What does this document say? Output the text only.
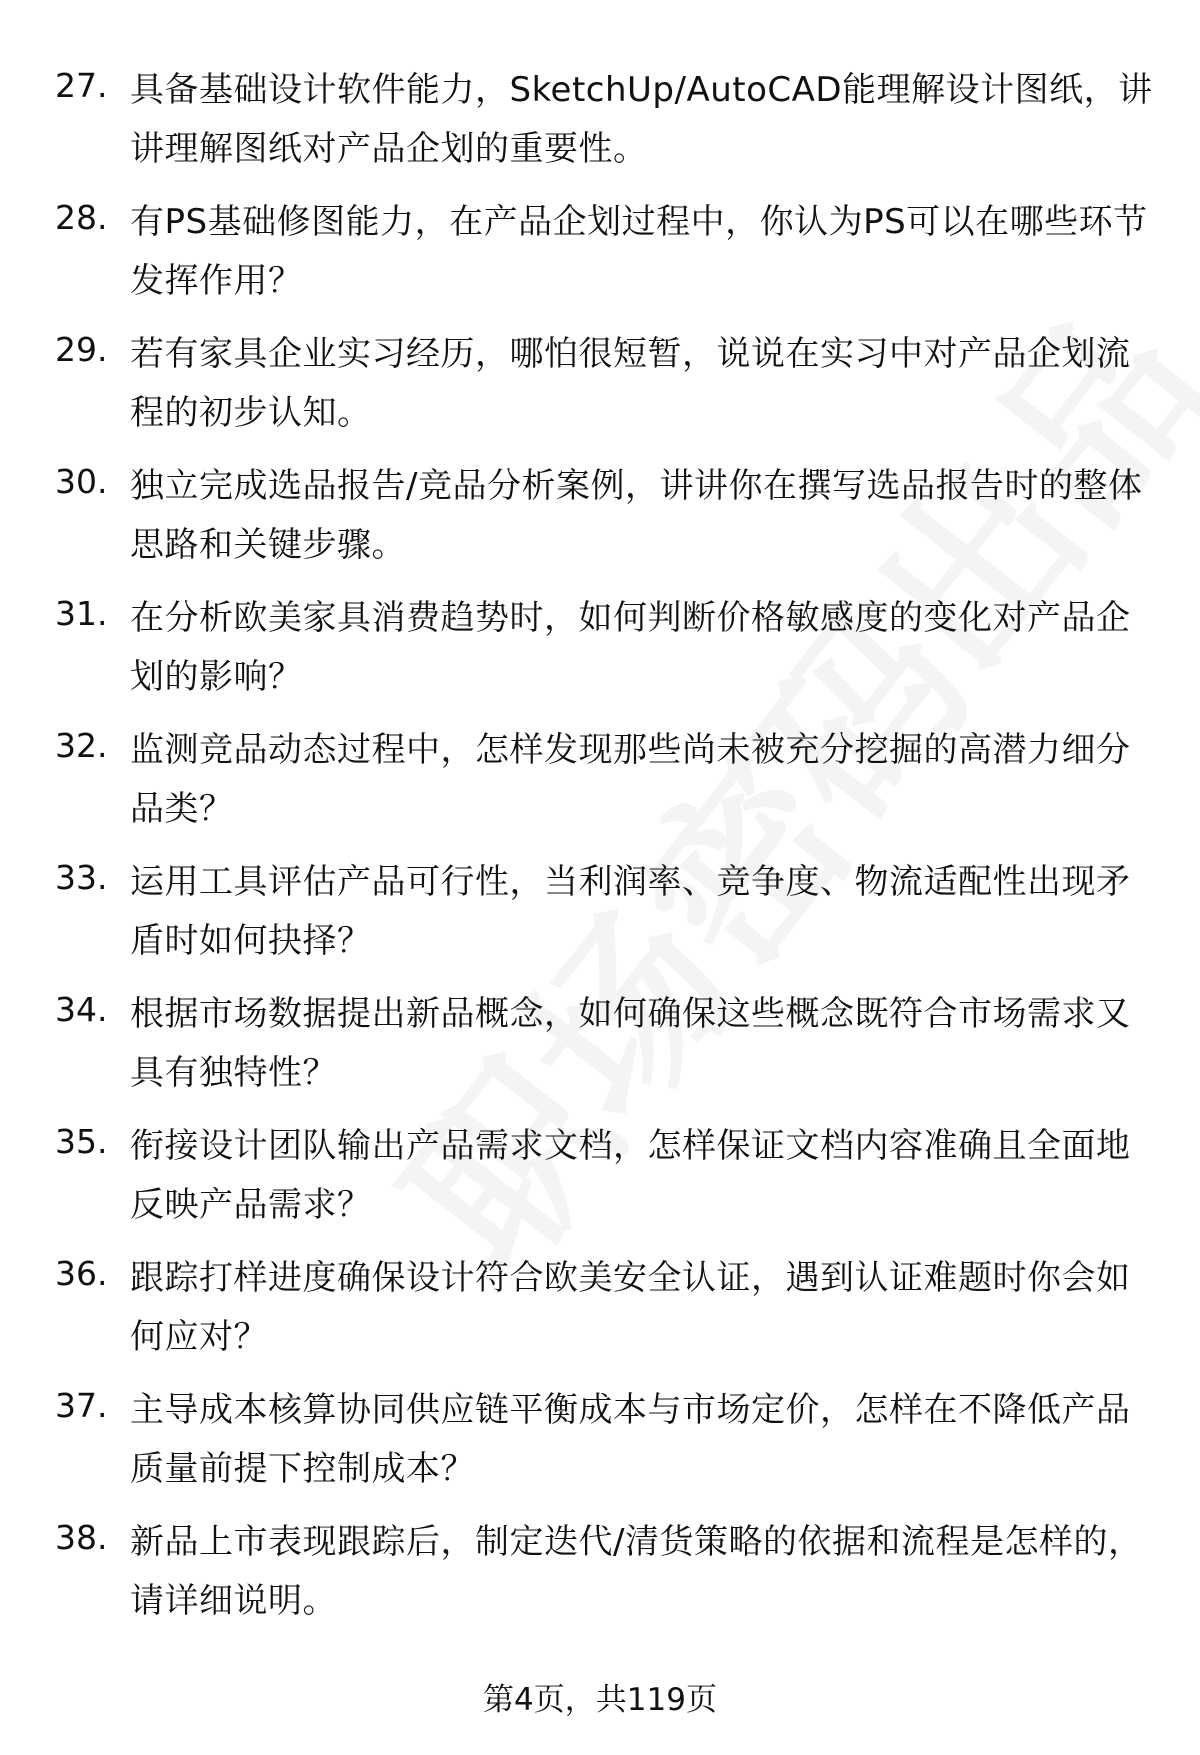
27. 具备基础设计软件能力，SketchUp/AutoCAD能理解设计图纸，讲讲理解图纸对产品企划的重要性。
28. 有PS基础修图能力，在产品企划过程中，你认为PS可以在哪些环节发挥作用？
29. 若有家具企业实习经历，哪怕很短暂，说说在实习中对产品企划流程的初步认知。
30. 独立完成选品报告/竞品分析案例，讲讲你在撰写选品报告时的整体思路和关键步骤。
31. 在分析欧美家具消费趋势时，如何判断价格敏感度的变化对产品企划的影响？
32. 监测竞品动态过程中，怎样发现那些尚未被充分挖掘的高潜力细分品类？
33. 运用工具评估产品可行性，当利润率、竞争度、物流适配性出现矛盾时如何抉择？
34. 根据市场数据提出新品概念，如何确保这些概念既符合市场需求又具有独特性？
35. 衔接设计团队输出产品需求文档，怎样保证文档内容准确且全面地反映产品需求？
36. 跟踪打样进度确保设计符合欧美安全认证，遇到认证难题时你会如何应对？
37. 主导成本核算协同供应链平衡成本与市场定价，怎样在不降低产品质量前提下控制成本？
38. 新品上市表现跟踪后，制定迭代/清货策略的依据和流程是怎样的，请详细说明。
第4页，共119页
